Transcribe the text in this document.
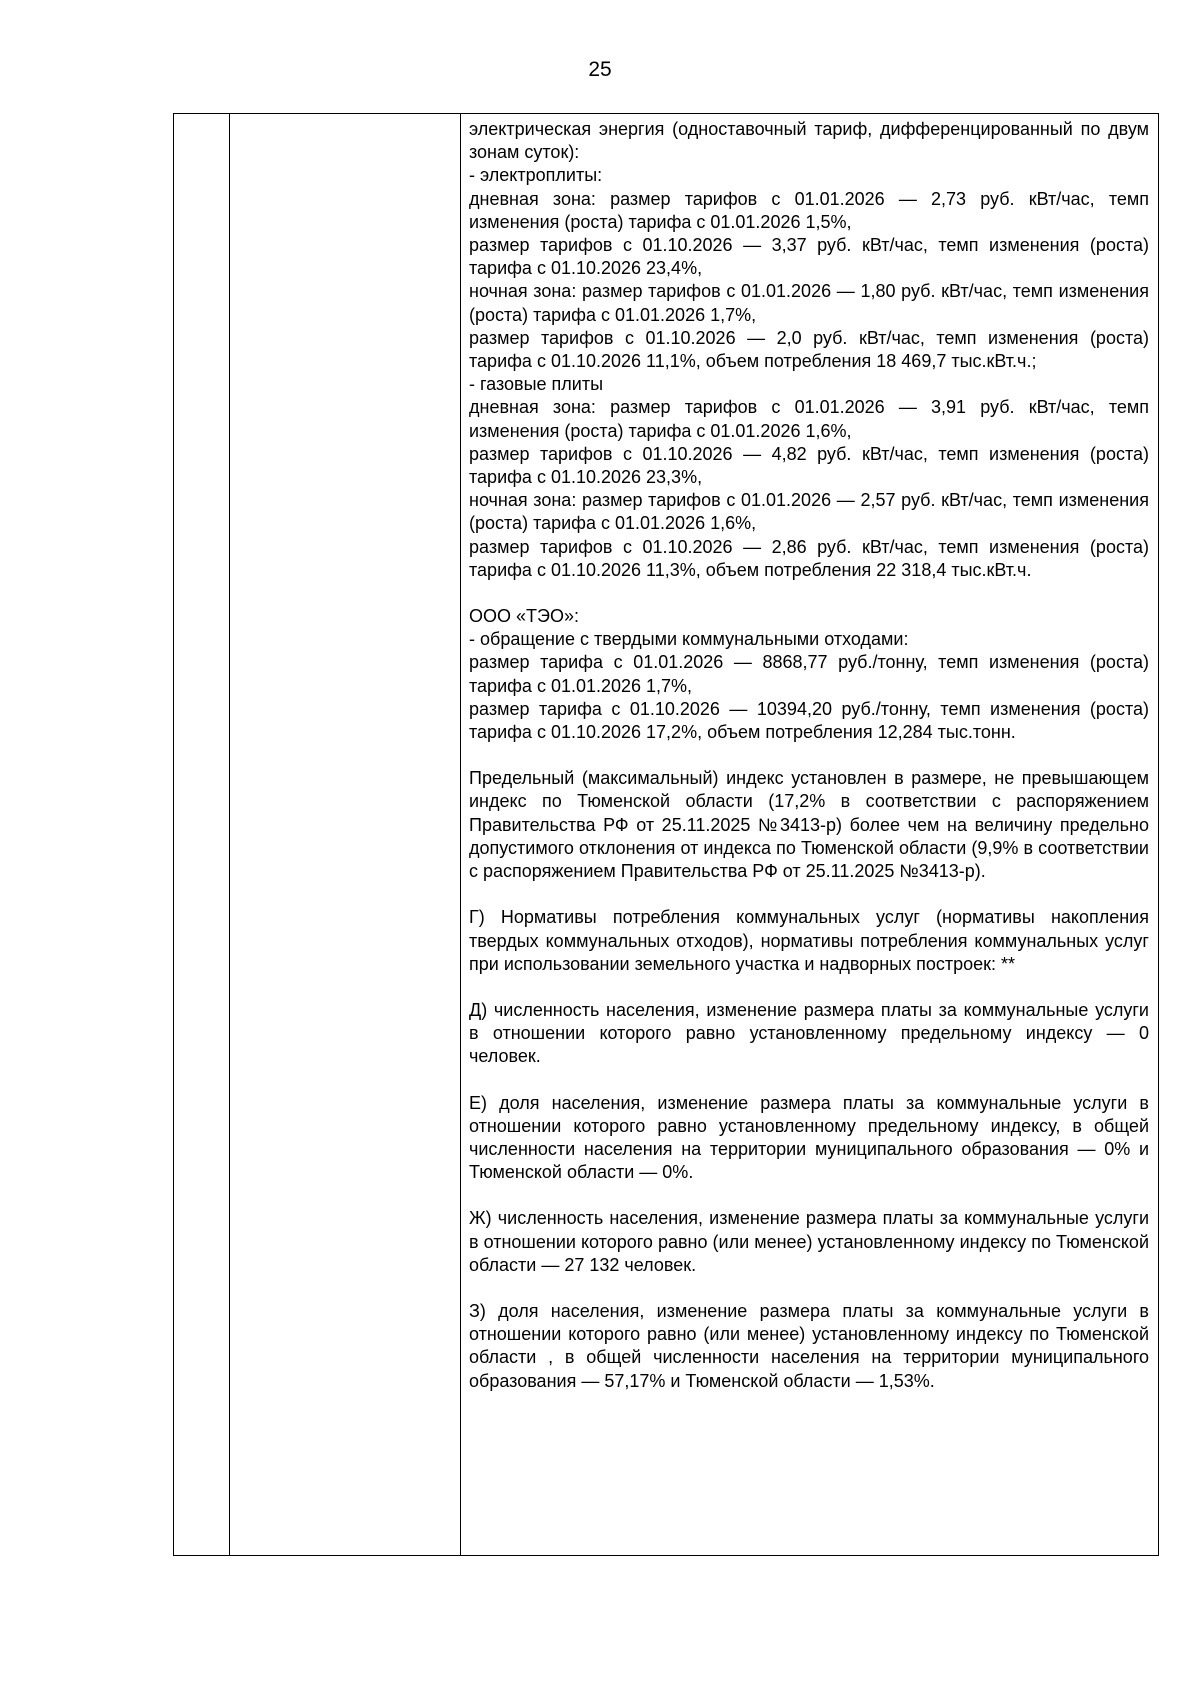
25

электрическая энергия (одноставочный тариф, дифференцированный по двум зонам суток):

- электроплиты:

дневная зона: размер тарифов с 01.01.2026 — 2,73 руб. кВт/час, темп изменения (роста) тарифа с 01.01.2026 1,5%,

размер тарифов с 01.10.2026 — 3,37 руб. кВт/час, темп изменения (роста) тарифа с 01.10.2026 23,4%,

ночная зона: размер тарифов с 01.01.2026 — 1,80 руб. кВт/час, темп изменения (роста) тарифа с 01.01.2026 1,7%,

размер тарифов с 01.10.2026 — 2,0 руб. кВт/час, темп изменения (роста) тарифа с 01.10.2026 11,1%, объем потребления 18 469,7 тыс.кВт.ч.;

- газовые плиты

дневная зона: размер тарифов с 01.01.2026 — 3,91 руб. кВт/час, темп изменения (роста) тарифа с 01.01.2026 1,6%,

размер тарифов с 01.10.2026 — 4,82 руб. кВт/час, темп изменения (роста) тарифа с 01.10.2026 23,3%,

ночная зона: размер тарифов с 01.01.2026 — 2,57 руб. кВт/час, темп изменения (роста) тарифа с 01.01.2026 1,6%,

размер тарифов с 01.10.2026 — 2,86 руб. кВт/час, темп изменения (роста) тарифа с 01.10.2026 11,3%, объем потребления 22 318,4 тыс.кВт.ч.

ООО «ТЭО»:

- обращение с твердыми коммунальными отходами:

размер тарифа с 01.01.2026 — 8868,77 руб./тонну, темп изменения (роста) тарифа с 01.01.2026 1,7%,

размер тарифа с 01.10.2026 — 10394,20 руб./тонну, темп изменения (роста) тарифа с 01.10.2026 17,2%, объем потребления 12,284 тыс.тонн.

Предельный (максимальный) индекс установлен в размере, не превышающем индекс по Тюменской области (17,2% в соответствии с распоряжением Правительства РФ от 25.11.2025 №3413-р) более чем на величину предельно допустимого отклонения от индекса по Тюменской области (9,9% в соответствии с распоряжением Правительства РФ от 25.11.2025 №3413-р).

Г) Нормативы потребления коммунальных услуг (нормативы накопления твердых коммунальных отходов), нормативы потребления коммунальных услуг при использовании земельного участка и надворных построек: **

Д) численность населения, изменение размера платы за коммунальные услуги в отношении которого равно установленному предельному индексу — 0 человек.

Е) доля населения, изменение размера платы за коммунальные услуги в отношении которого равно установленному предельному индексу, в общей численности населения на территории муниципального образования — 0% и Тюменской области — 0%.

Ж) численность населения, изменение размера платы за коммунальные услуги в отношении которого равно (или менее) установленному индексу по Тюменской области — 27 132 человек.

З) доля населения, изменение размера платы за коммунальные услуги в отношении которого равно (или менее) установленному индексу по Тюменской области , в общей численности населения на территории муниципального образования — 57,17% и Тюменской области — 1,53%.
